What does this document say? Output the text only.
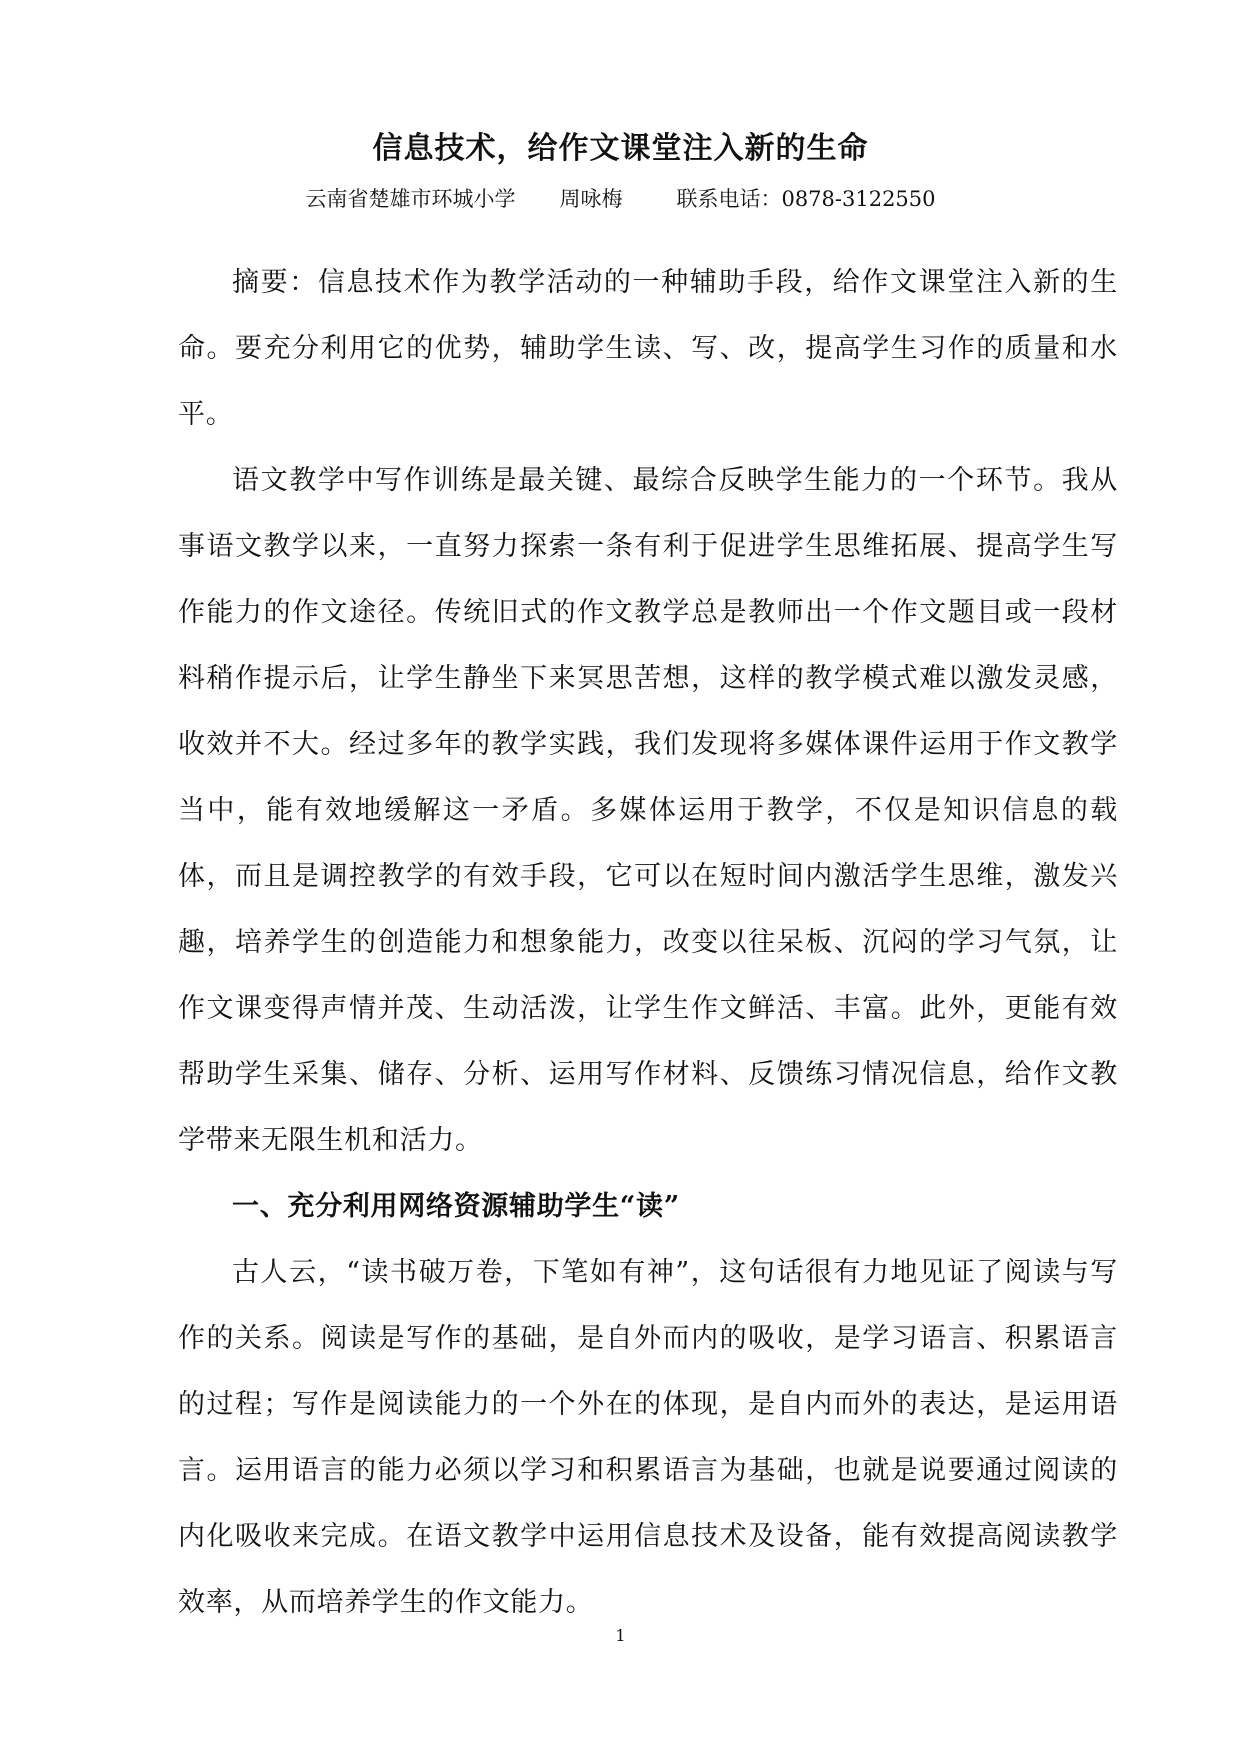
信息技术，给作文课堂注入新的生命
云南省楚雄市环城小学 周咏梅	联系电话：0878-3122550

摘要：信息技术作为教学活动的一种辅助手段，给作文课堂注入新的生命。要充分利用它的优势，辅助学生读、写、改，提高学生习作的质量和水平。

语文教学中写作训练是最关键、最综合反映学生能力的一个环节。我从事语文教学以来，一直努力探索一条有利于促进学生思维拓展、提高学生写作能力的作文途径。传统旧式的作文教学总是教师出一个作文题目或一段材料稍作提示后，让学生静坐下来冥思苦想，这样的教学模式难以激发灵感，收效并不大。经过多年的教学实践，我们发现将多媒体课件运用于作文教学当中，能有效地缓解这一矛盾。多媒体运用于教学，不仅是知识信息的载体，而且是调控教学的有效手段，它可以在短时间内激活学生思维，激发兴趣，培养学生的创造能力和想象能力，改变以往呆板、沉闷的学习气氛，让作文课变得声情并茂、生动活泼，让学生作文鲜活、丰富。此外，更能有效帮助学生采集、储存、分析、运用写作材料、反馈练习情况信息，给作文教学带来无限生机和活力。

一、充分利用网络资源辅助学生“读”

古人云，“读书破万卷，下笔如有神”，这句话很有力地见证了阅读与写作的关系。阅读是写作的基础，是自外而内的吸收，是学习语言、积累语言的过程；写作是阅读能力的一个外在的体现，是自内而外的表达，是运用语言。运用语言的能力必须以学习和积累语言为基础，也就是说要通过阅读的内化吸收来完成。在语文教学中运用信息技术及设备，能有效提高阅读教学效率，从而培养学生的作文能力。

1
